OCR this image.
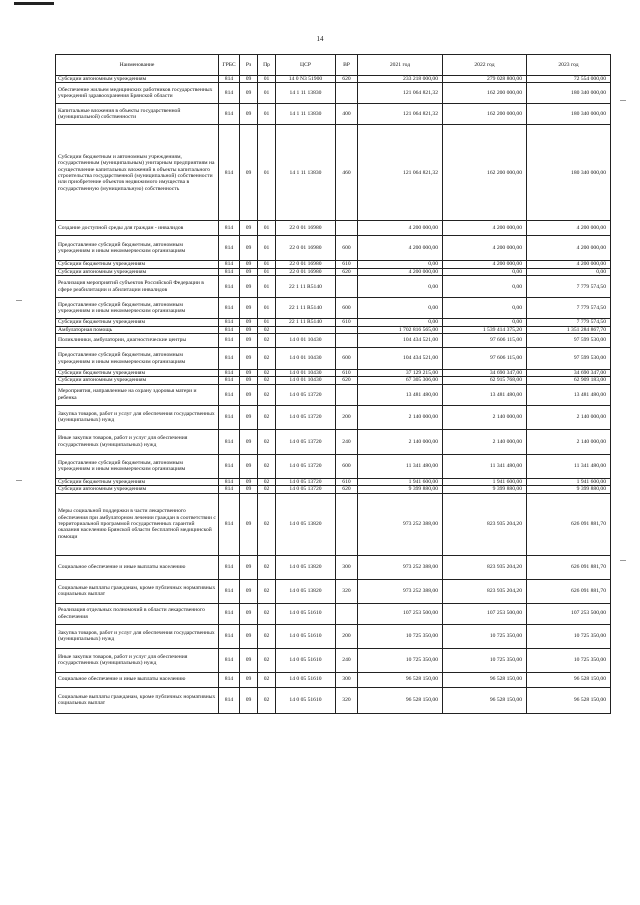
14
Наименование	ГРБС	Рз	Пр	ЦСР	ВР	2021 год	2022 год	2023 год
Субсидии автономным учреждениям	814	09	01	14 0 N3 51900	620	233 218 000,00	279 028 800,00	72 554 000,00
Обеспечение жильем медицинских работников государственных учреждений здравоохранения Брянской области	814	09	01	14 1 11 13830		121 064 821,32	162 200 000,00	180 340 000,00
Капитальные вложения в объекты государственной (муниципальной) собственности	814	09	01	14 1 11 13830	400	121 064 821,32	162 200 000,00	180 340 000,00
Субсидии бюджетным и автономным учреждениям, государственным (муниципальным) унитарным предприятиям на осуществление капитальных вложений в объекты капитального строительства государственной (муниципальной) собственности или приобретение объектов недвижимого имущества в государственную (муниципальную) собственность	814	09	01	14 1 11 13830	460	121 064 821,32	162 200 000,00	180 340 000,00
Создание доступной среды для граждан - инвалидов	814	09	01	22 0 01 16980		4 200 000,00	4 200 000,00	4 200 000,00
Предоставление субсидий бюджетным, автономным учреждениям и иным некоммерческим организациям	814	09	01	22 0 01 16980	600	4 200 000,00	4 200 000,00	4 200 000,00
Субсидии бюджетным учреждениям	814	09	01	22 0 01 16980	610	0,00	4 200 000,00	4 200 000,00
Субсидии автономным учреждениям	814	09	01	22 0 01 16980	620	4 200 000,00	0,00	0,00
Реализация мероприятий субъектов Российской Федерации в сфере реабилитации и абилитации инвалидов	814	09	01	22 1 11 R5140		0,00	0,00	7 779 574,50
Предоставление субсидий бюджетным, автономным учреждениям и иным некоммерческим организациям	814	09	01	22 1 11 R5140	600	0,00	0,00	7 779 574,50
Субсидии бюджетным учреждениям	814	09	01	22 1 11 R5140	610	0,00	0,00	7 779 574,50
Амбулаторная помощь	814	09	02			1 702 816 565,00	1 539 414 375,20	1 351 284 867,70
Поликлиники, амбулатории, диагностические центры	814	09	02	14 0 01 10430		104 434 521,00	97 606 115,00	97 599 530,00
Предоставление субсидий бюджетным, автономным учреждениям и иным некоммерческим организациям	814	09	02	14 0 01 10430	600	104 434 521,00	97 606 115,00	97 599 530,00
Субсидии бюджетным учреждениям	814	09	02	14 0 01 10430	610	37 129 215,00	34 690 347,00	34 690 347,00
Субсидии автономным учреждениям	814	09	02	14 0 01 10430	620	67 305 306,00	62 915 768,00	62 909 183,00
Мероприятия, направленные на охрану здоровья матери и ребенка	814	09	02	14 0 05 13720		13 481 480,00	13 481 480,00	13 481 480,00
Закупка товаров, работ и услуг для обеспечения государственных (муниципальных) нужд	814	09	02	14 0 05 13720	200	2 140 000,00	2 140 000,00	2 140 000,00
Иные закупки товаров, работ и услуг для обеспечения государственных (муниципальных) нужд	814	09	02	14 0 05 13720	240	2 140 000,00	2 140 000,00	2 140 000,00
Предоставление субсидий бюджетным, автономным учреждениям и иным некоммерческим организациям	814	09	02	14 0 05 13720	600	11 341 480,00	11 341 480,00	11 341 480,00
Субсидии бюджетным учреждениям	814	09	02	14 0 05 13720	610	1 941 600,00	1 941 600,00	1 941 600,00
Субсидии автономным учреждениям	814	09	02	14 0 05 13720	620	9 399 880,00	9 399 880,00	9 399 880,00
Меры социальной поддержки в части лекарственного обеспечения при амбулаторном лечении граждан в соответствии с территориальной программой государственных гарантий оказания населению Брянской области бесплатной медицинской помощи	814	09	02	14 0 05 13820		973 252 388,00	823 935 204,20	626 091 881,70
Социальное обеспечение и иные выплаты населению	814	09	02	14 0 05 13820	300	973 252 388,00	823 935 204,20	626 091 881,70
Социальные выплаты гражданам, кроме публичных нормативных социальных выплат	814	09	02	14 0 05 13820	320	973 252 388,00	823 935 204,20	626 091 881,70
Реализация отдельных полномочий в области лекарственного обеспечения	814	09	02	14 0 05 51610		107 253 500,00	107 253 500,00	107 253 500,00
Закупка товаров, работ и услуг для обеспечения государственных (муниципальных) нужд	814	09	02	14 0 05 51610	200	10 725 350,00	10 725 350,00	10 725 350,00
Иные закупки товаров, работ и услуг для обеспечения государственных (муниципальных) нужд	814	09	02	14 0 05 51610	240	10 725 350,00	10 725 350,00	10 725 350,00
Социальное обеспечение и иные выплаты населению	814	09	02	14 0 05 51610	300	96 528 150,00	96 528 150,00	96 528 150,00
Социальные выплаты гражданам, кроме публичных нормативных социальных выплат	814	09	02	14 0 05 51610	320	96 528 150,00	96 528 150,00	96 528 150,00
